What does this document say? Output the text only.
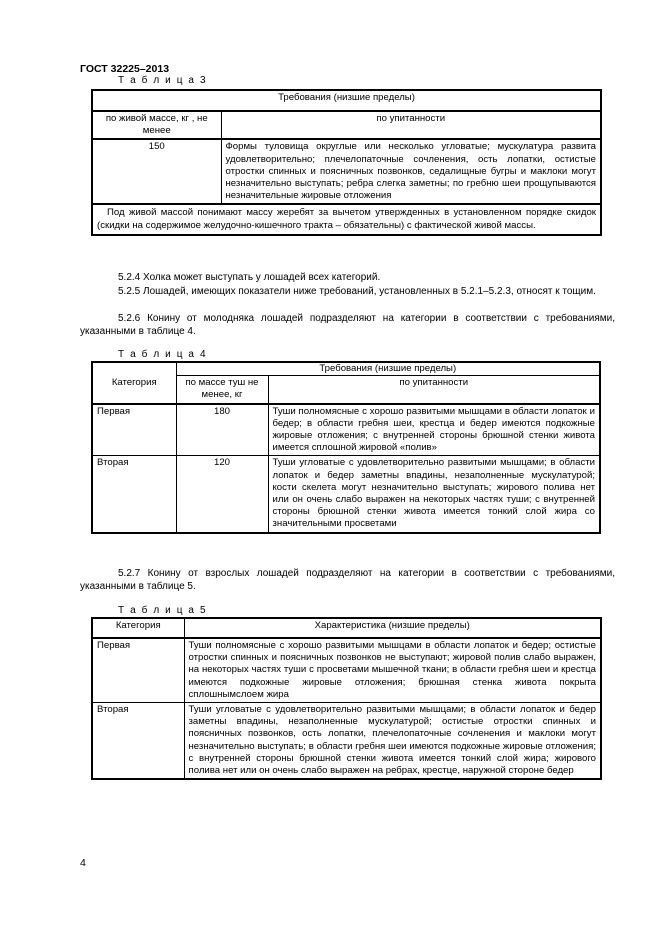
ГОСТ 32225–2013
Т а б л и ц а 3
Требования (низшие пределы)	
по живой массе, кг , не менее	по упитанности
150	Формы туловища округлые или несколько угловатые; мускулатура развита удовлетворительно; плечелопаточные сочленения, ость лопатки, остистые отростки спинных и поясничных позвонков, седалищные бугры и маклоки могут незначительно выступать; ребра слегка заметны; по гребню шеи прощупываются незначительные жировые отложения
Под живой массой понимают массу жеребят за вычетом утвержденных в установленном порядке скидок (скидки на содержимое желудочно-кишечного тракта – обязательны) с фактической живой массы.	
5.2.4 Холка может выступать у лошадей всех категорий.
5.2.5 Лошадей, имеющих показатели ниже требований, установленных в 5.2.1–5.2.3, относят к тощим.
5.2.6 Конину от молодняка лошадей подразделяют на категории в соответствии с требованиями, указанными в таблице 4.
Т а б л и ц а 4
Категория	Требования (низшие пределы)	
	по массе туш не менее, кг	по упитанности
Первая	180	Туши полномясные с хорошо развитыми мышцами в области лопаток и бедер; в области гребня шеи, крестца и бедер имеются подкожные жировые отложения; с внутренней стороны брюшной стенки живота имеется сплошной жировой «полив»
Вторая	120	Туши угловатые с удовлетворительно развитыми мышцами; в области лопаток и бедер заметны впадины, незаполненные мускулатурой; кости скелета могут незначительно выступать; жирового полива нет или он очень слабо выражен на некоторых частях туши; с внутренней стороны брюшной стенки живота имеется тонкий слой жира со значительными просветами
5.2.7 Конину от взрослых лошадей подразделяют на категории в соответствии с требованиями, указанными в таблице 5.
Т а б л и ц а 5
Категория	Характеристика (низшие пределы)
Первая	Туши полномясные с хорошо развитыми мышцами в области лопаток и бедер; остистые отростки спинных и поясничных позвонков не выступают; жировой полив слабо выражен, на некоторых частях туши с просветами мышечной ткани; в области гребня шеи и крестца имеются подкожные жировые отложения; брюшная стенка живота покрыта сплошнымслоем жира
Вторая	Туши угловатые с удовлетворительно развитыми мышцами; в области лопаток и бедер заметны впадины, незаполненные мускулатурой; остистые отростки спинных и поясничных позвонков, ость лопатки, плечелопаточные сочленения и маклоки могут незначительно выступать; в области гребня шеи имеются подкожные жировые отложения; с внутренней стороны брюшной стенки живота имеется тонкий слой жира; жирового полива нет или он очень слабо выражен на ребрах, крестце, наружной стороне бедер
4
